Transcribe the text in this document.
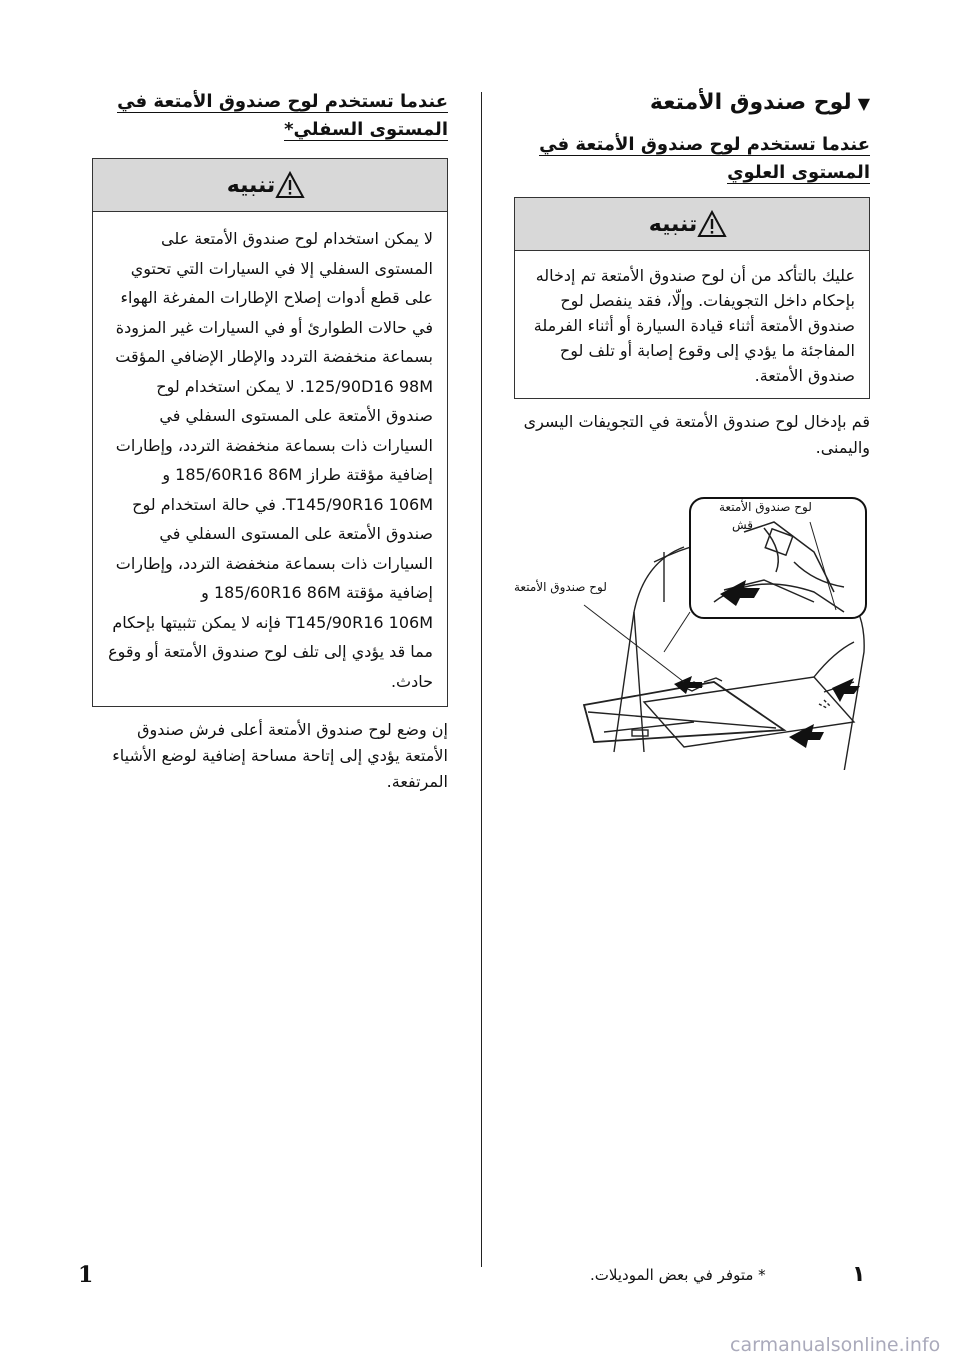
▼لوح صندوق الأمتعة
عندما تستخدم لوح صندوق الأمتعة في المستوى العلوي
تنبيه
عليك بالتأكد من أن لوح صندوق الأمتعة تم إدخاله بإحكام داخل التجويفات. وإلّا، فقد ينفصل لوح صندوق الأمتعة أثناء قيادة السيارة أو أثناء الفرملة المفاجئة ما يؤدي إلى وقوع إصابة أو تلف لوح صندوق الأمتعة.

قم بإدخال لوح صندوق الأمتعة في التجويفات اليسرى واليمنى.

لوح صندوق الأمتعة
قش
لوح صندوق الأمتعة
عندما تستخدم لوح صندوق الأمتعة في المستوى السفلي*
تنبيه
لا يمكن استخدام لوح صندوق الأمتعة على المستوى السفلي إلا في السيارات التي تحتوي على قطع أدوات إصلاح الإطارات المفرغة الهواء في حالات الطوارئ أو في السيارات غير المزودة بسماعة منخفضة التردد والإطار الإضافي المؤقت 125/90D16 98M. لا يمكن استخدام لوح صندوق الأمتعة على المستوى السفلي في السيارات ذات بسماعة منخفضة التردد، وإطارات إضافية مؤقتة طراز 185/60R16 86M و T145/90R16 106M. في حالة استخدام لوح صندوق الأمتعة على المستوى السفلي في السيارات ذات بسماعة منخفضة التردد، وإطارات إضافية مؤقتة 185/60R16 86M و T145/90R16 106M فإنه لا يمكن تثبيتها بإحكام مما قد يؤدي إلى تلف لوح صندوق الأمتعة أو وقوع حادث.

إن وضع لوح صندوق الأمتعة أعلى فرش صندوق الأمتعة يؤدي إلى إتاحة مساحة إضافية لوضع الأشياء المرتفعة.

1	١
* متوفر في بعض الموديلات.
carmanualsonline.info
